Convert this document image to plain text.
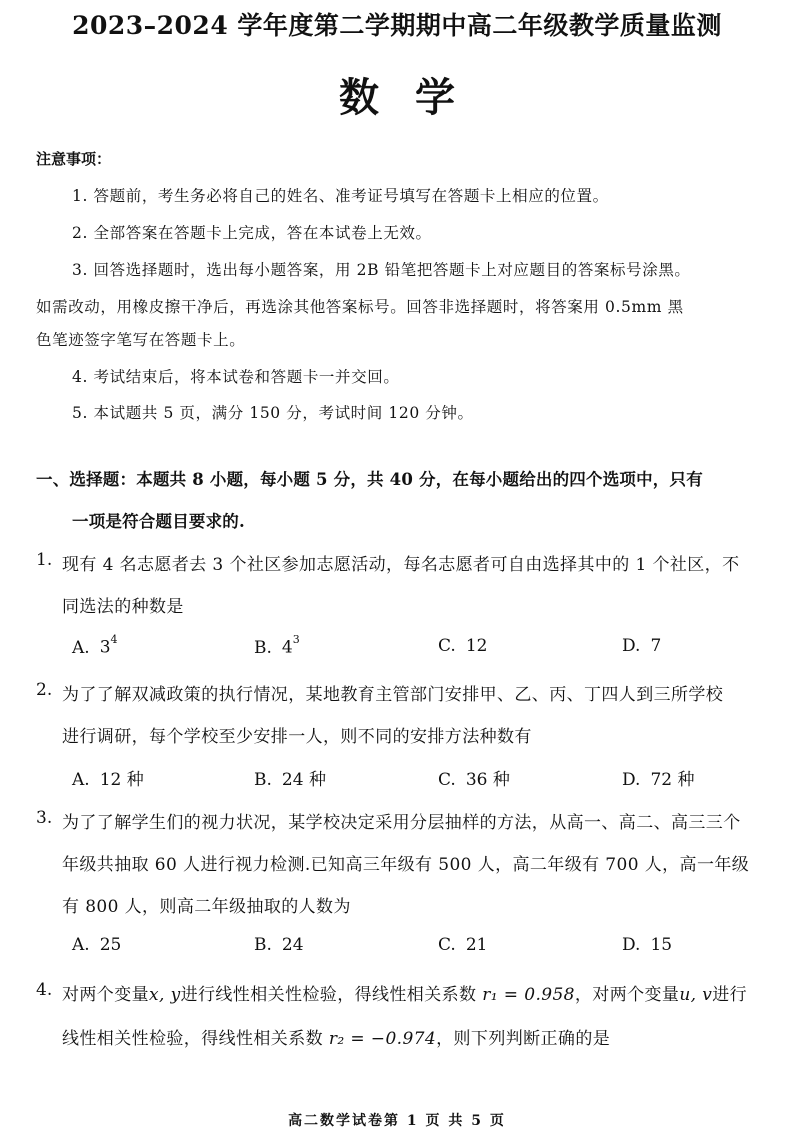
2023–2024 学年度第二学期期中高二年级教学质量监测
数学
注意事项：
1. 答题前，考生务必将自己的姓名、准考证号填写在答题卡上相应的位置。
2. 全部答案在答题卡上完成，答在本试卷上无效。
3. 回答选择题时，选出每小题答案，用 2B 铅笔把答题卡上对应题目的答案标号涂黑。
如需改动，用橡皮擦干净后，再选涂其他答案标号。回答非选择题时，将答案用 0.5mm 黑
色笔迹签字笔写在答题卡上。
4. 考试结束后，将本试卷和答题卡一并交回。
5. 本试题共 5 页，满分 150 分，考试时间 120 分钟。
一、选择题：本题共 8 小题，每小题 5 分，共 40 分，在每小题给出的四个选项中，只有
一项是符合题目要求的.
1. 现有 4 名志愿者去 3 个社区参加志愿活动，每名志愿者可自由选择其中的 1 个社区，不
同选法的种数是
A. $3^4$	B. $4^3$	C. 12	D. 7
2. 为了了解双减政策的执行情况，某地教育主管部门安排甲、乙、丙、丁四人到三所学校
进行调研，每个学校至少安排一人，则不同的安排方法种数有
A. 12 种	B. 24 种	C. 36 种	D. 72 种
3. 为了了解学生们的视力状况，某学校决定采用分层抽样的方法，从高一、高二、高三三个
年级共抽取 60 人进行视力检测.已知高三年级有 500 人，高二年级有 700 人，高一年级
有 800 人，则高二年级抽取的人数为
A. 25	B. 24	C. 21	D. 15
4. 对两个变量x, y进行线性相关性检验，得线性相关系数 r₁ = 0.958，对两个变量u, v进行
线性相关性检验，得线性相关系数 r₂ = −0.974，则下列判断正确的是
高二数学试卷第 1 页 共 5 页
